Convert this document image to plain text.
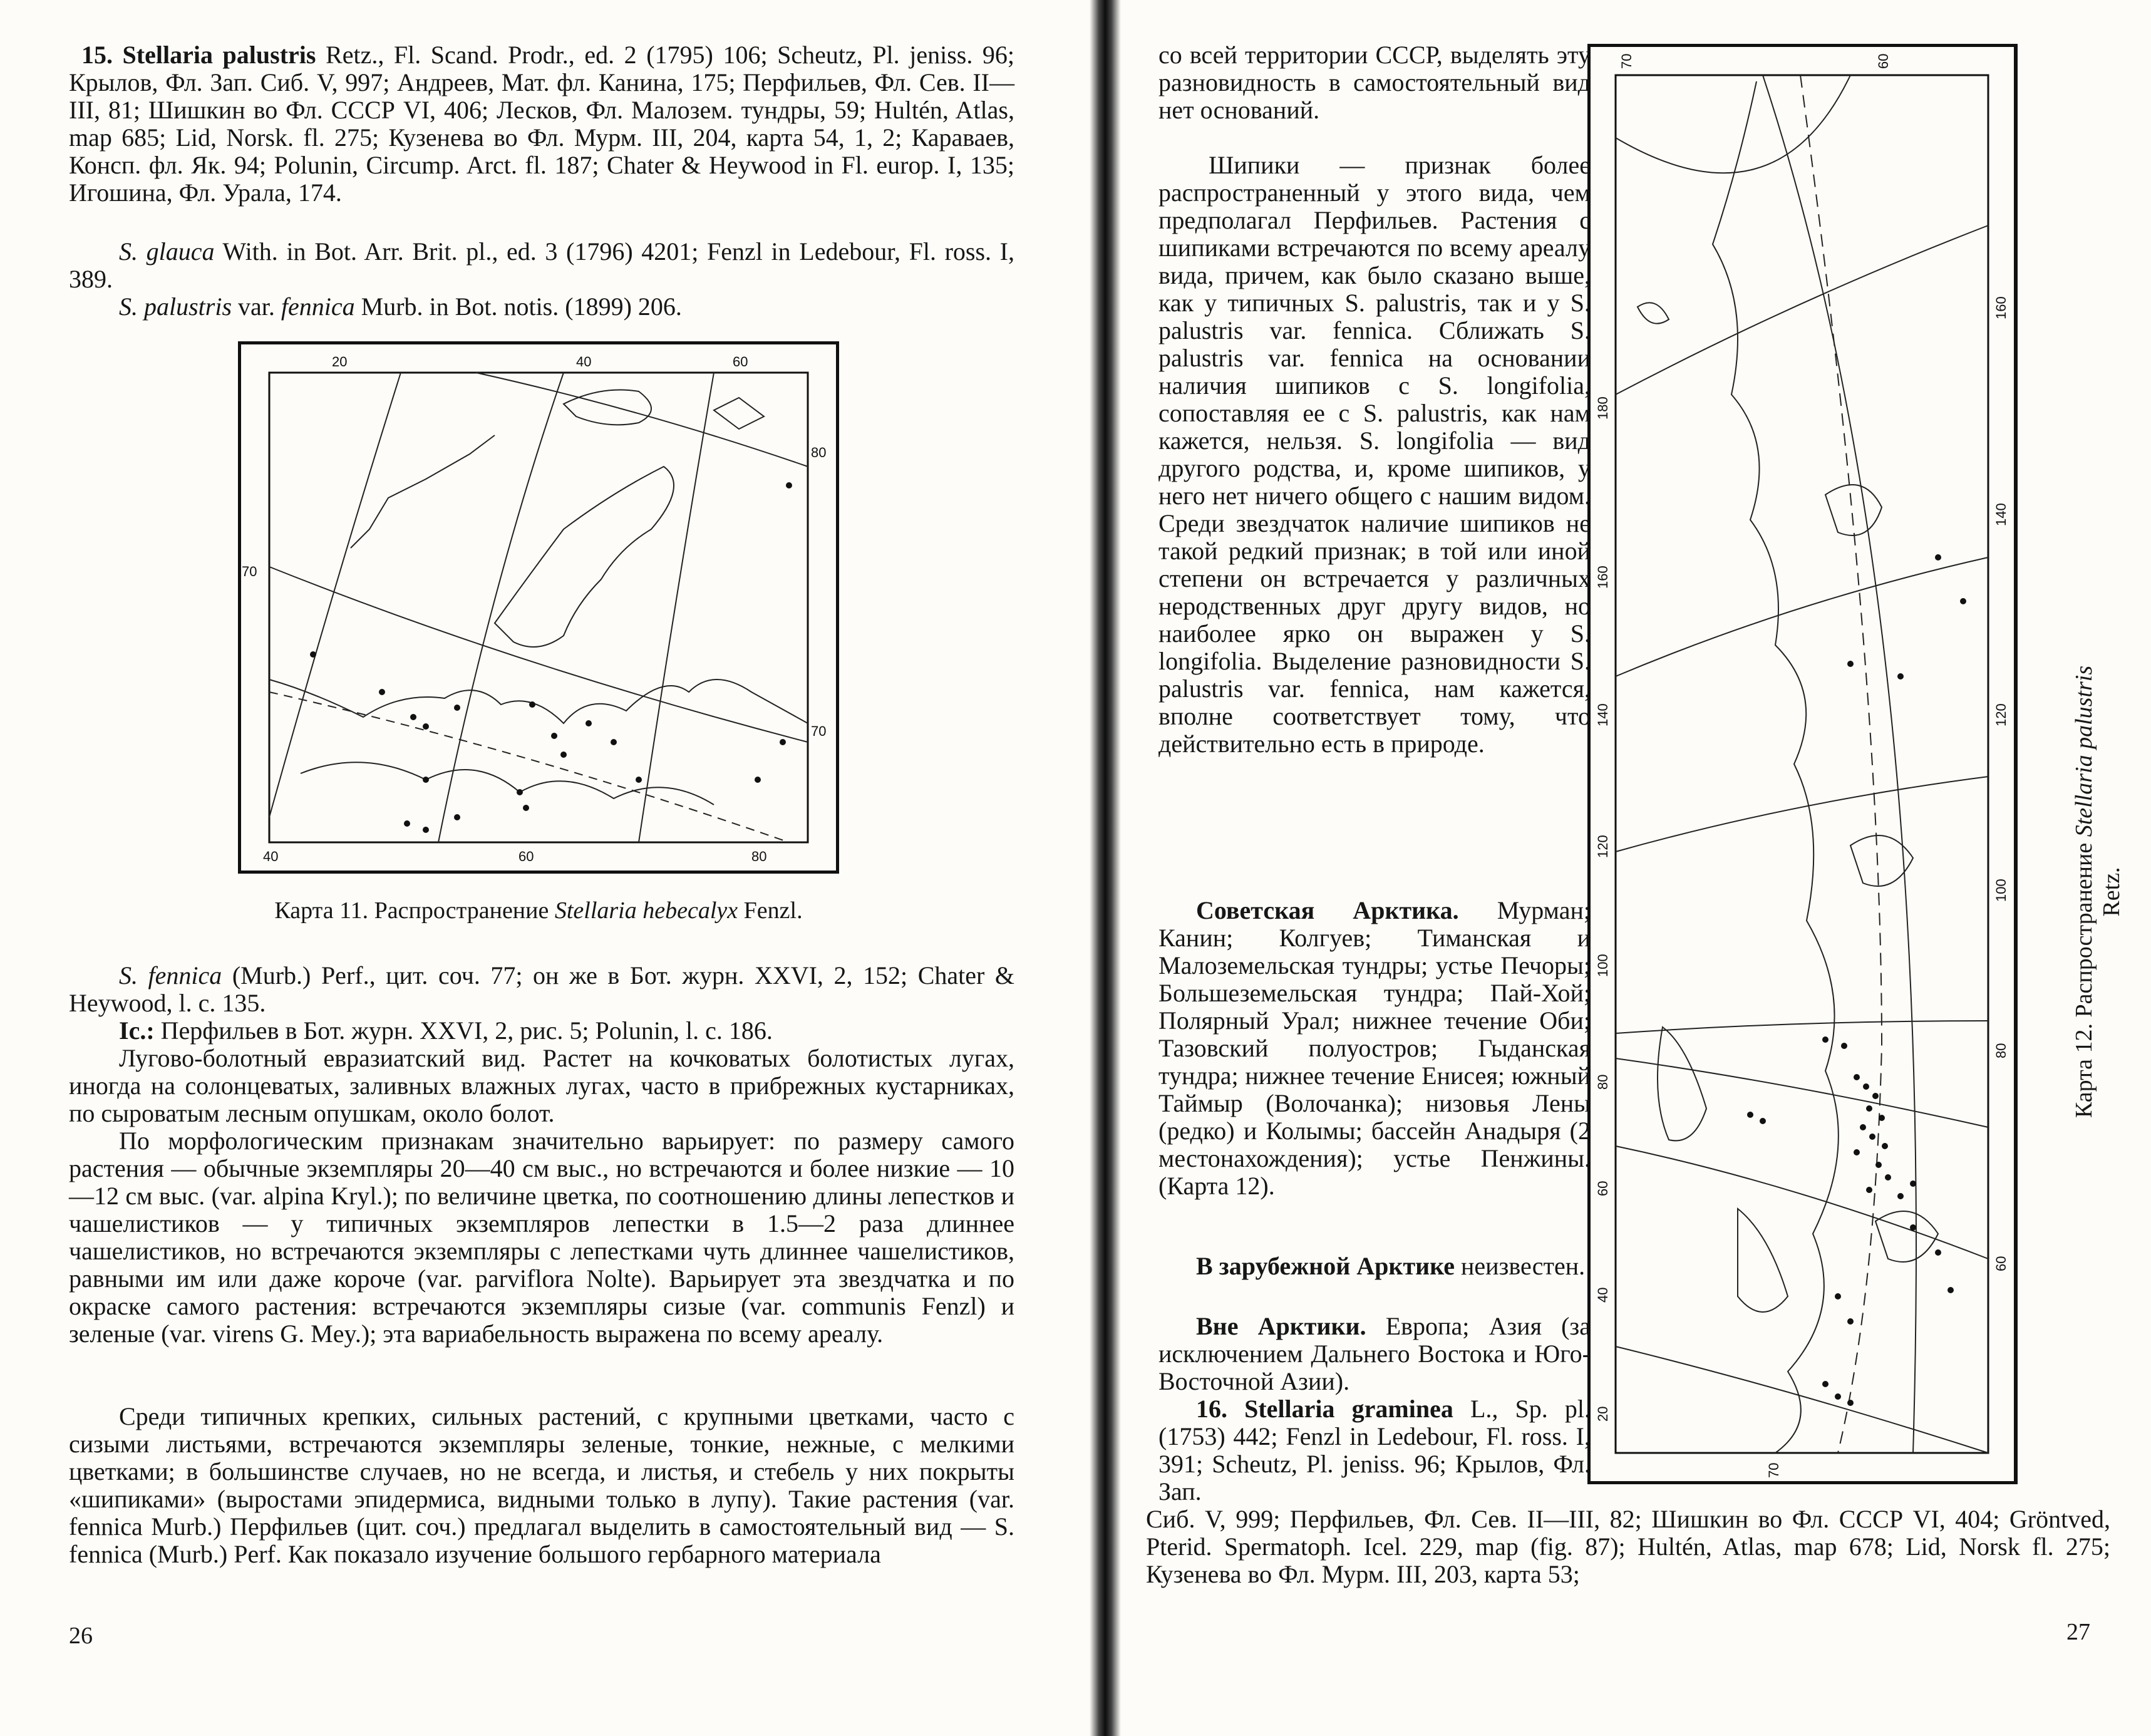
15. Stellaria palustris Retz., Fl. Scand. Prodr., ed. 2 (1795) 106; Scheutz, Pl. jeniss. 96; Крылов, Фл. Зап. Сиб. V, 997; Андреев, Мат. фл. Канина, 175; Перфильев, Фл. Сев. II—III, 81; Шишкин во Фл. СССР VI, 406; Лесков, Фл. Малозем. тундры, 59; Hultén, Atlas, map 685; Lid, Norsk. fl. 275; Кузенева во Фл. Мурм. III, 204, карта 54, 1, 2; Караваев, Консп. фл. Як. 94; Polunin, Circump. Arct. fl. 187; Chater & Heywood in Fl. europ. I, 135; Игошина, Фл. Урала, 174.

S. glauca With. in Bot. Arr. Brit. pl., ed. 3 (1796) 4201; Fenzl in Ledebour, Fl. ross. I, 389.

S. palustris var. fennica Murb. in Bot. notis. (1899) 206.

20	40	60
40	60	80
70
80
70
Карта 11. Распространение Stellaria hebecalyx Fenzl.

S. fennica (Murb.) Perf., цит. соч. 77; он же в Бот. журн. XXVI, 2, 152; Chater & Heywood, l. c. 135.

Ic.: Перфильев в Бот. журн. XXVI, 2, рис. 5; Polunin, l. c. 186.

Лугово-болотный евразиатский вид. Растет на кочковатых болотистых лугах, иногда на солонцеватых, заливных влажных лугах, часто в прибрежных кустарниках, по сыроватым лесным опушкам, около болот.

По морфологическим признакам значительно варьирует: по размеру самого растения — обычные экземпляры 20—40 см выс., но встречаются и более низкие — 10—12 см выс. (var. alpina Kryl.); по величине цветка, по соотношению длины лепестков и чашелистиков — у типичных экземпляров лепестки в 1.5—2 раза длиннее чашелистиков, но встречаются экземпляры с лепестками чуть длиннее чашелистиков, равными им или даже короче (var. parviflora Nolte). Варьирует эта звездчатка и по окраске самого растения: встречаются экземпляры сизые (var. communis Fenzl) и зеленые (var. virens G. Mey.); эта вариабельность выражена по всему ареалу.

Среди типичных крепких, сильных растений, с крупными цветками, часто с сизыми листьями, встречаются экземпляры зеленые, тонкие, нежные, с мелкими цветками; в большинстве случаев, но не всегда, и листья, и стебель у них покрыты «шипиками» (выростами эпидермиса, видными только в лупу). Такие растения (var. fennica Murb.) Перфильев (цит. соч.) предлагал выделить в самостоятельный вид — S. fennica (Murb.) Perf. Как показало изучение большого гербарного материала

26

со всей территории СССР, выделять эту разновидность в самостоятельный вид нет оснований.

Шипики — признак более распространенный у этого вида, чем предполагал Перфильев. Растения с шипиками встречаются по всему ареалу вида, причем, как было сказано выше, как у типичных S. palustris, так и у S. palustris var. fennica. Сближать S. palustris var. fennica на основании наличия шипиков с S. longifolia, сопоставляя ее с S. palustris, как нам кажется, нельзя. S. longifolia — вид другого родства, и, кроме шипиков, у него нет ничего общего с нашим видом. Среди звездчаток наличие шипиков не такой редкий признак; в той или иной степени он встречается у различных неродственных друг другу видов, но наиболее ярко он выражен у S. longifolia. Выделение разновидности S. palustris var. fennica, нам кажется, вполне соответствует тому, что действительно есть в природе.

Советская Арктика. Мурман; Канин; Колгуев; Тиманская и Малоземельская тундры; устье Печоры; Большеземельская тундра; Пай-Хой; Полярный Урал; нижнее течение Оби; Тазовский полуостров; Гыданская тундра; нижнее течение Енисея; южный Таймыр (Волочанка); низовья Лены (редко) и Колымы; бассейн Анадыря (2 местонахождения); устье Пенжины. (Карта 12).

В зарубежной Арктике неизвестен.

Вне Арктики. Европа; Азия (за исключением Дальнего Востока и Юго-Восточной Азии).

16. Stellaria graminea L., Sp. pl. (1753) 442; Fenzl in Ledebour, Fl. ross. I, 391; Scheutz, Pl. jeniss. 96; Крылов, Фл. Зап.

Сиб. V, 999; Перфильев, Фл. Сев. II—III, 82; Шишкин во Фл. СССР VI, 404; Gröntved, Pterid. Spermatoph. Icel. 229, map (fig. 87); Hultén, Atlas, map 678; Lid, Norsk fl. 275; Кузенева во Фл. Мурм. III, 203, карта 53;

180
160
140
120
100
80
60
40
20
160
140
120
100
80
60
70	60
70
Карта 12. Распространение Stellaria palustris Retz.
27
